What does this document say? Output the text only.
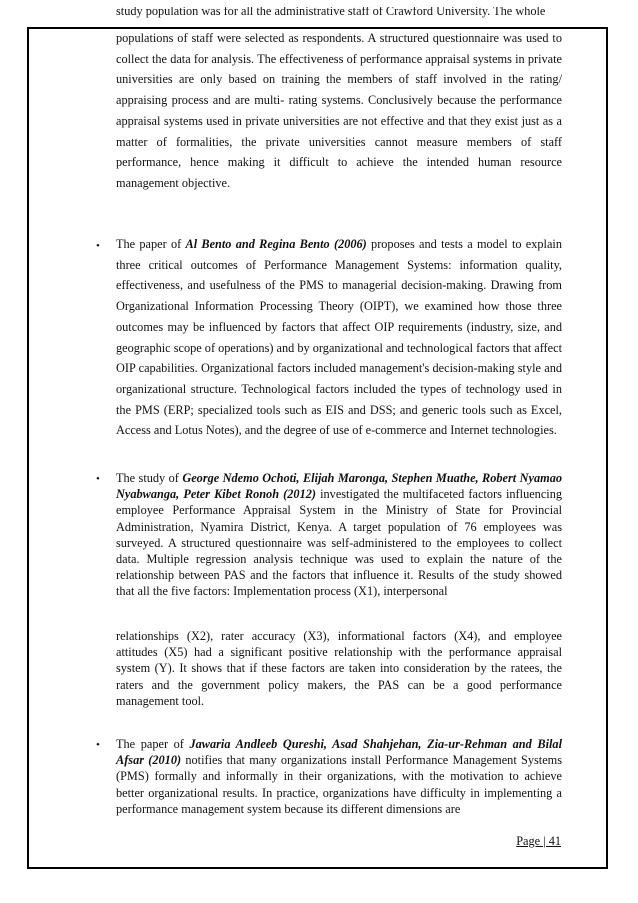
study population was for all the administrative staff of Crawford University. The whole

populations of staff were selected as respondents. A structured questionnaire was used to collect the data for analysis. The effectiveness of performance appraisal systems in private universities are only based on training the members of staff involved in the rating/ appraising process and are multi- rating systems. Conclusively because the performance appraisal systems used in private universities are not effective and that they exist just as a matter of formalities, the private universities cannot measure members of staff performance, hence making it difficult to achieve the intended human resource management objective.

• The paper of Al Bento and Regina Bento (2006) proposes and tests a model to explain three critical outcomes of Performance Management Systems: information quality, effectiveness, and usefulness of the PMS to managerial decision-making. Drawing from Organizational Information Processing Theory (OIPT), we examined how those three outcomes may be influenced by factors that affect OIP requirements (industry, size, and geographic scope of operations) and by organizational and technological factors that affect OIP capabilities. Organizational factors included management's decision-making style and organizational structure. Technological factors included the types of technology used in the PMS (ERP; specialized tools such as EIS and DSS; and generic tools such as Excel, Access and Lotus Notes), and the degree of use of e-commerce and Internet technologies.

• The study of George Ndemo Ochoti, Elijah Maronga, Stephen Muathe, Robert Nyamao Nyabwanga, Peter Kibet Ronoh (2012) investigated the multifaceted factors influencing employee Performance Appraisal System in the Ministry of State for Provincial Administration, Nyamira District, Kenya. A target population of 76 employees was surveyed. A structured questionnaire was self-administered to the employees to collect data. Multiple regression analysis technique was used to explain the nature of the relationship between PAS and the factors that influence it. Results of the study showed that all the five factors: Implementation process (X1), interpersonal

relationships (X2), rater accuracy (X3), informational factors (X4), and employee attitudes (X5) had a significant positive relationship with the performance appraisal system (Y). It shows that if these factors are taken into consideration by the ratees, the raters and the government policy makers, the PAS can be a good performance management tool.

• The paper of Jawaria Andleeb Qureshi, Asad Shahjehan, Zia-ur-Rehman and Bilal Afsar (2010) notifies that many organizations install Performance Management Systems (PMS) formally and informally in their organizations, with the motivation to achieve better organizational results. In practice, organizations have difficulty in implementing a performance management system because its different dimensions are

Page | 41
